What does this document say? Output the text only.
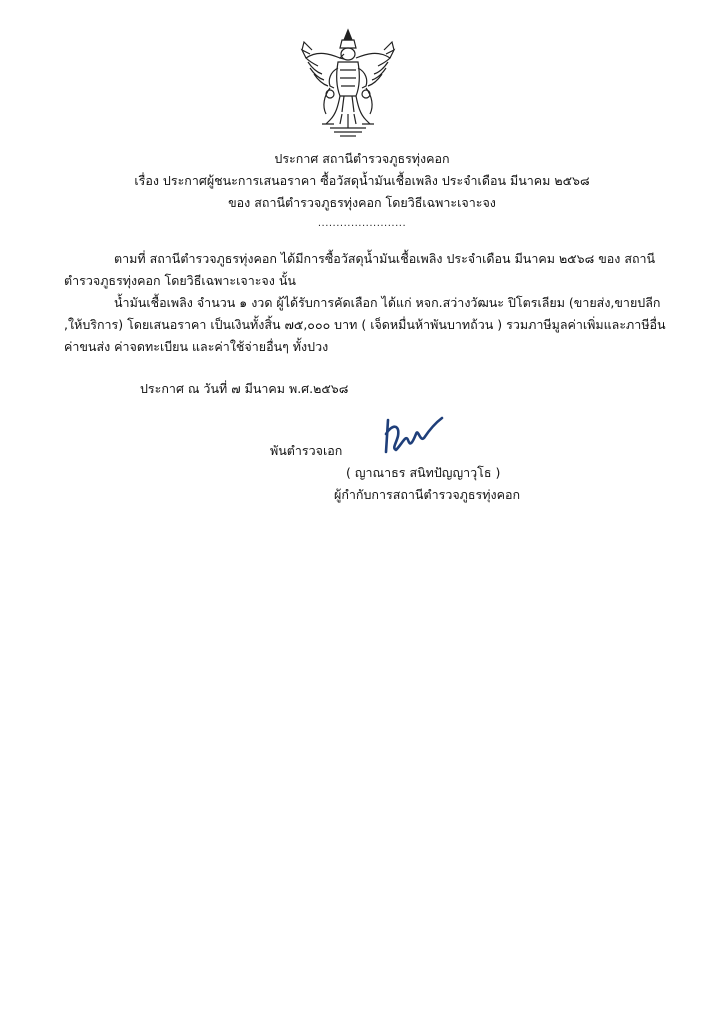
ประกาศ สถานีตำรวจภูธรทุ่งคอก
เรื่อง ประกาศผู้ชนะการเสนอราคา ซื้อวัสดุน้ำมันเชื้อเพลิง ประจำเดือน มีนาคม ๒๕๖๘
ของ สถานีตำรวจภูธรทุ่งคอก โดยวิธีเฉพาะเจาะจง
........................
ตามที่ สถานีตำรวจภูธรทุ่งคอก ได้มีการซื้อวัสดุน้ำมันเชื้อเพลิง ประจำเดือน มีนาคม ๒๕๖๘ ของ สถานี
ตำรวจภูธรทุ่งคอก โดยวิธีเฉพาะเจาะจง นั้น
น้ำมันเชื้อเพลิง จำนวน ๑ งวด ผู้ได้รับการคัดเลือก ได้แก่ หจก.สว่างวัฒนะ ปิโตรเลียม (ขายส่ง,ขายปลีก
,ให้บริการ) โดยเสนอราคา เป็นเงินทั้งสิ้น ๗๕,๐๐๐ บาท ( เจ็ดหมื่นห้าพันบาทถ้วน ) รวมภาษีมูลค่าเพิ่มและภาษีอื่น
ค่าขนส่ง ค่าจดทะเบียน และค่าใช้จ่ายอื่นๆ ทั้งปวง
ประกาศ ณ วันที่ ๗ มีนาคม พ.ศ.๒๕๖๘
พันตำรวจเอก
( ญาณาธร สนิทปัญญาวุโธ )
ผู้กำกับการสถานีตำรวจภูธรทุ่งคอก
